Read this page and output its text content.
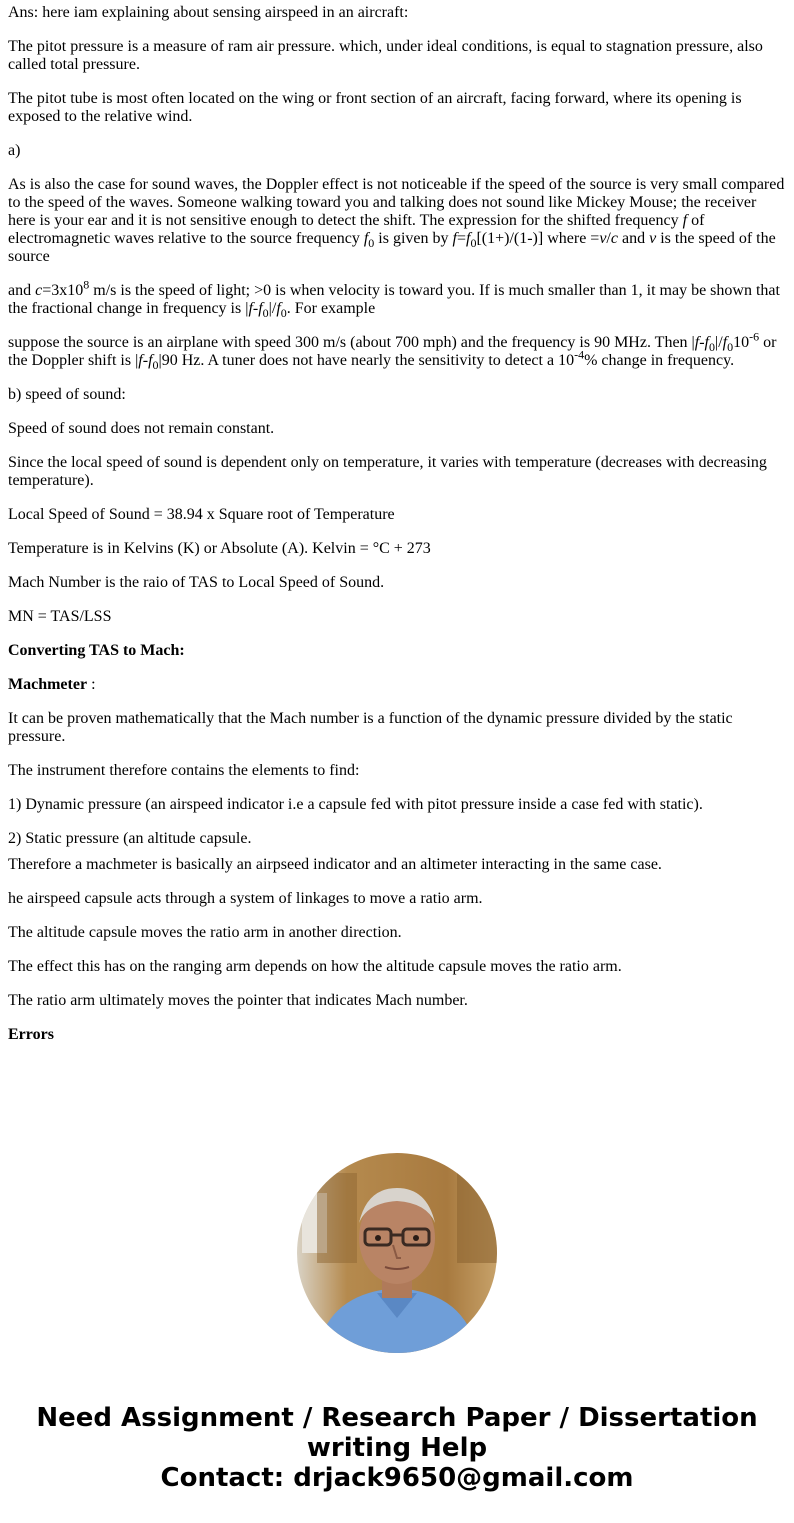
Ans: here iam explaining about sensing airspeed in an aircraft:

The pitot pressure is a measure of ram air pressure. which, under ideal conditions, is equal to stagnation pressure, also called total pressure.

The pitot tube is most often located on the wing or front section of an aircraft, facing forward, where its opening is exposed to the relative wind.

a)

As is also the case for sound waves, the Doppler effect is not noticeable if the speed of the source is very small compared to the speed of the waves. Someone walking toward you and talking does not sound like Mickey Mouse; the receiver here is your ear and it is not sensitive enough to detect the shift. The expression for the shifted frequency f of electromagnetic waves relative to the source frequency $f_0$ is given by $f=f_0[(1+)/(1-)]$ where =v/c and v is the speed of the source

and $c=3x10^8$ m/s is the speed of light; >0 is when velocity is toward you. If is much smaller than 1, it may be shown that the fractional change in frequency is $|f-f_0|/f_0$. For example

suppose the source is an airplane with speed 300 m/s (about 700 mph) and the frequency is 90 MHz. Then $|f-f_0|/f_010^{-6}$ or the Doppler shift is $|f-f_0|90$ Hz. A tuner does not have nearly the sensitivity to detect a $10^{-4}\%$ change in frequency.

b) speed of sound:

Speed of sound does not remain constant.

Since the local speed of sound is dependent only on temperature, it varies with temperature (decreases with decreasing temperature).

Local Speed of Sound = 38.94 x Square root of Temperature

Temperature is in Kelvins (K) or Absolute (A). Kelvin = °C + 273

Mach Number is the raio of TAS to Local Speed of Sound.

MN = TAS/LSS

Converting TAS to Mach:

Machmeter :

It can be proven mathematically that the Mach number is a function of the dynamic pressure divided by the static pressure.

The instrument therefore contains the elements to find:

1) Dynamic pressure (an airspeed indicator i.e a capsule fed with pitot pressure inside a case fed with static).

2) Static pressure (an altitude capsule.

Therefore a machmeter is basically an airpseed indicator and an altimeter interacting in the same case.

he airspeed capsule acts through a system of linkages to move a ratio arm.

The altitude capsule moves the ratio arm in another direction.

The effect this has on the ranging arm depends on how the altitude capsule moves the ratio arm.

The ratio arm ultimately moves the pointer that indicates Mach number.

Errors

Need Assignment / Research Paper / Dissertation
writing Help
Contact: drjack9650@gmail.com
